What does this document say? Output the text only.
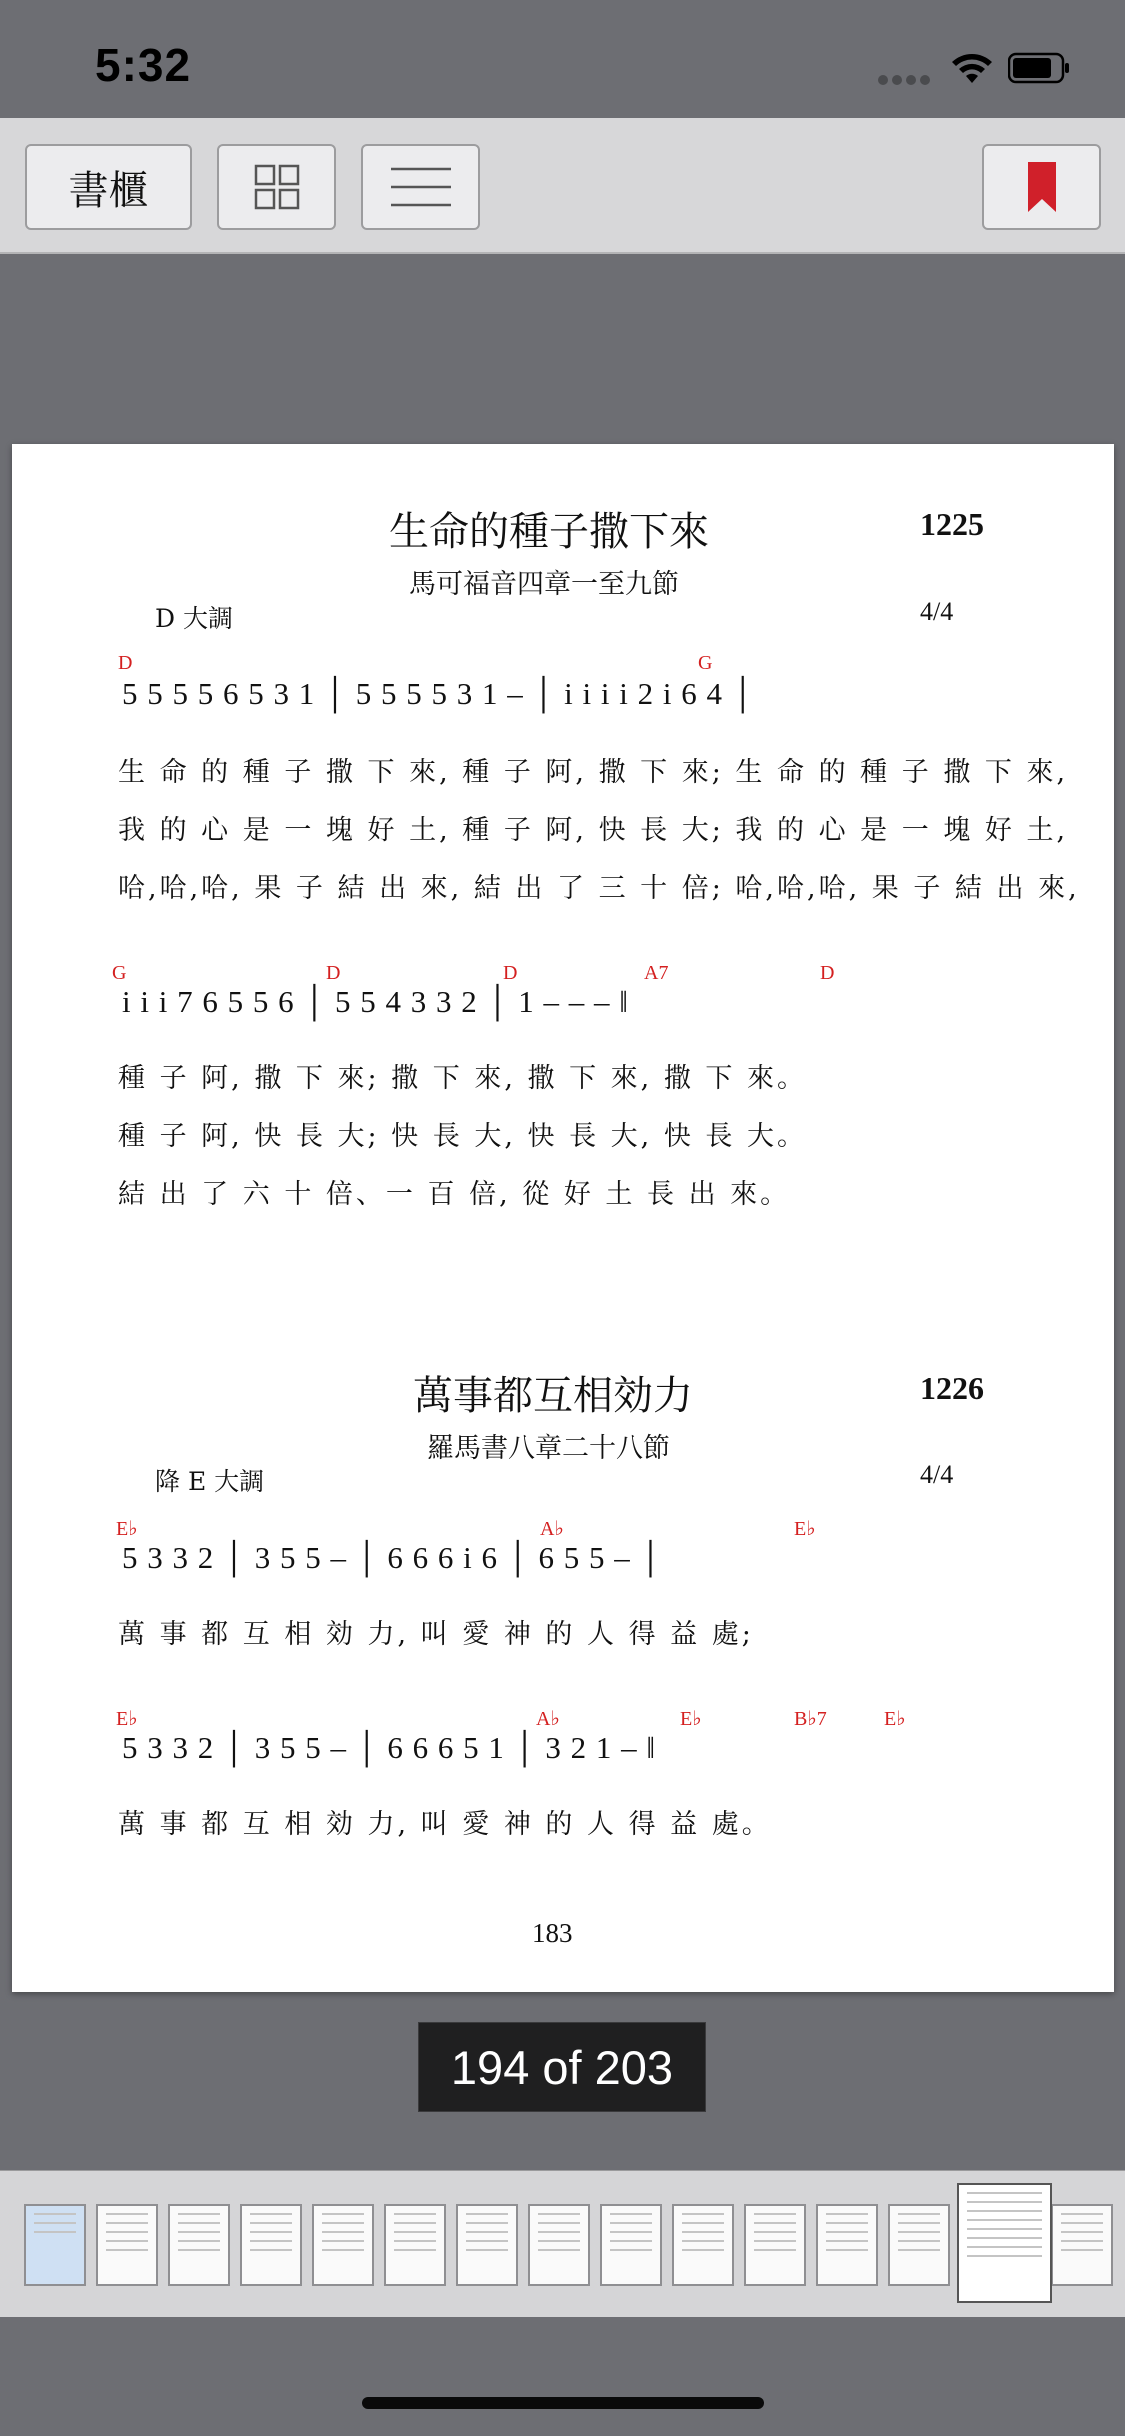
5:32
書櫃
生命的種子撒下來	1225
馬可福音四章一至九節
D 大調	4/4
D	G
5 5 5 5 6 5 3 1 │ 5 5 5 5 3 1 – │ i i i i 2 i 6 4 │
生 命 的 種 子 撒 下 來, 種 子 阿, 撒 下 來; 生 命 的 種 子 撒 下 來,
我 的 心 是 一 塊 好 土, 種 子 阿, 快 長 大; 我 的 心 是 一 塊 好 土,
哈,哈,哈, 果 子 結 出 來, 結 出 了 三 十 倍; 哈,哈,哈, 果 子 結 出 來,
G	D	D	A7	D
i i i 7 6 5 5 6 │ 5 5 4 3 3 2 │ 1 – – – ‖
種 子 阿, 撒 下 來; 撒 下 來, 撒 下 來, 撒 下 來。
種 子 阿, 快 長 大; 快 長 大, 快 長 大, 快 長 大。
結 出 了 六 十 倍、一 百 倍, 從 好 土 長 出 來。
萬事都互相効力	1226
羅馬書八章二十八節
降 E 大調	4/4
E♭	A♭	E♭
5 3 3 2 │ 3 5 5 – │ 6 6 6 i 6 │ 6 5 5 – │
萬 事 都 互 相 効 力, 叫 愛 神 的 人 得 益 處;
E♭	A♭	E♭	B♭7	E♭
5 3 3 2 │ 3 5 5 – │ 6 6 6 5 1 │ 3 2 1 – ‖
萬 事 都 互 相 効 力, 叫 愛 神 的 人 得 益 處。
183
194 of 203
